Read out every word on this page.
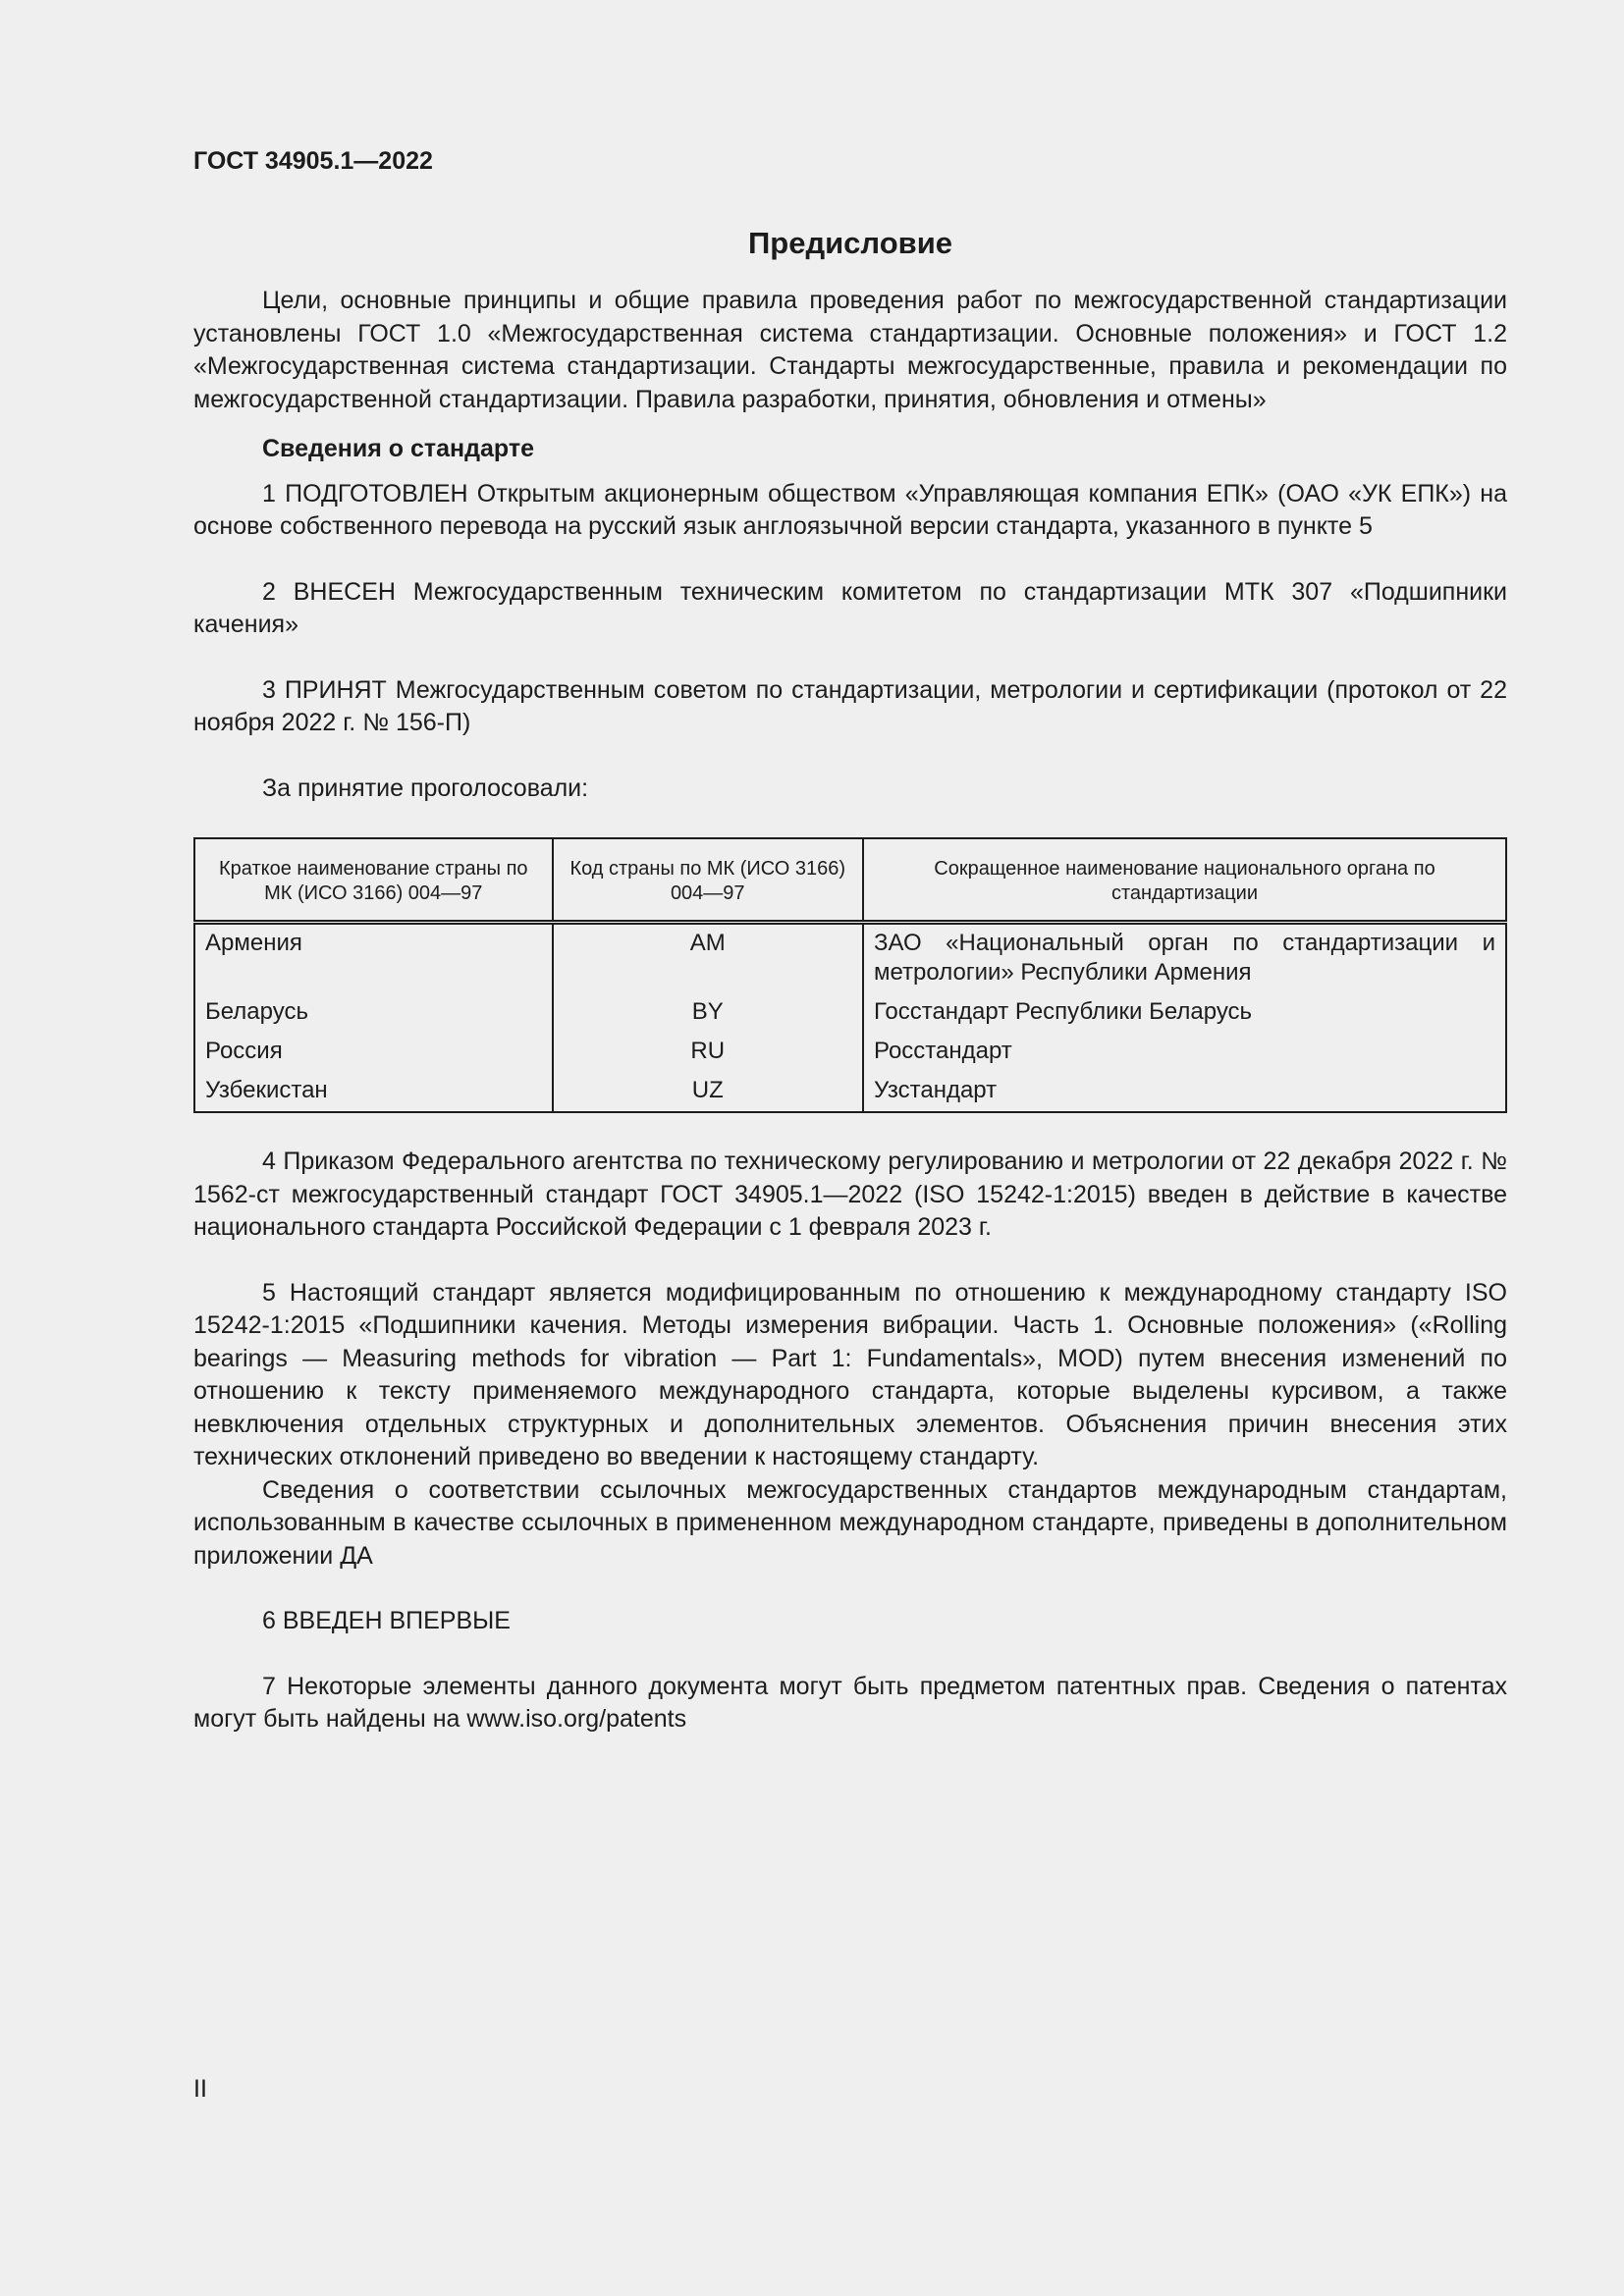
ГОСТ 34905.1—2022
Предисловие

Цели, основные принципы и общие правила проведения работ по межгосударственной стандартизации установлены ГОСТ 1.0 «Межгосударственная система стандартизации. Основные положения» и ГОСТ 1.2 «Межгосударственная система стандартизации. Стандарты межгосударственные, правила и рекомендации по межгосударственной стандартизации. Правила разработки, принятия, обновления и отмены»

Сведения о стандарте

1 ПОДГОТОВЛЕН Открытым акционерным обществом «Управляющая компания ЕПК» (ОАО «УК ЕПК») на основе собственного перевода на русский язык англоязычной версии стандарта, указанного в пункте 5

2 ВНЕСЕН Межгосударственным техническим комитетом по стандартизации МТК 307 «Подшипники качения»

3 ПРИНЯТ Межгосударственным советом по стандартизации, метрологии и сертификации (протокол от 22 ноября 2022 г. № 156-П)

За принятие проголосовали:

Краткое наименование страны по МК (ИСО 3166) 004—97	Код страны по МК (ИСО 3166) 004—97	Сокращенное наименование национального органа по стандартизации
Армения	AM	ЗАО «Национальный орган по стандартизации и метрологии» Республики Армения
Беларусь	BY	Госстандарт Республики Беларусь
Россия	RU	Росстандарт
Узбекистан	UZ	Узстандарт

4 Приказом Федерального агентства по техническому регулированию и метрологии от 22 декабря 2022 г. № 1562-ст межгосударственный стандарт ГОСТ 34905.1—2022 (ISO 15242-1:2015) введен в действие в качестве национального стандарта Российской Федерации с 1 февраля 2023 г.

5 Настоящий стандарт является модифицированным по отношению к международному стандарту ISO 15242-1:2015 «Подшипники качения. Методы измерения вибрации. Часть 1. Основные положения» («Rolling bearings — Measuring methods for vibration — Part 1: Fundamentals», MOD) путем внесения изменений по отношению к тексту применяемого международного стандарта, которые выделены курсивом, а также невключения отдельных структурных и дополнительных элементов. Объяснения причин внесения этих технических отклонений приведено во введении к настоящему стандарту.

Сведения о соответствии ссылочных межгосударственных стандартов международным стандартам, использованным в качестве ссылочных в примененном международном стандарте, приведены в дополнительном приложении ДА

6 ВВЕДЕН ВПЕРВЫЕ

7 Некоторые элементы данного документа могут быть предметом патентных прав. Сведения о патентах могут быть найдены на www.iso.org/patents

II
